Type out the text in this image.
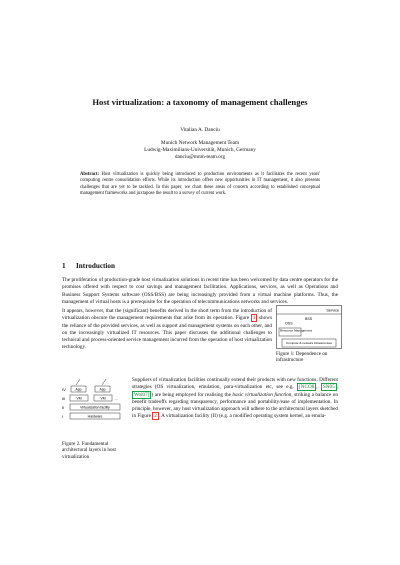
Host virtualization: a taxonomy of management challenges
Vitalian A. Danciu
Munich Network Management Team
Ludwig-Maximilians-Universität, Munich, Germany
danciu@mnm-team.org
Abstract: Host virtualization is quickly being introduced to production environments as it facilitates the recent years' computing centre consolidation efforts. While its introduction offers new opportunities in IT management, it also presents challenges that are yet to be tackled. In this paper, we chart these areas of concern according to established conceptual management frameworks and juxtapose the result to a survey of current work.
1 Introduction
The proliferation of production-grade host virtualization solutions in recent time has been welcomed by data centre operators for the promises offered with respect to cost savings and management facilitation. Applications, services, as well as Operations and Business Support Systems software (OSS/BSS) are being increasingly provided from a virtual machine platforms. Thus, the management of virtual hosts is a prerequisite for the operation of telecommunications networks and services.
It appears, however, that the (significant) benefits derived in the short term from the introduction of virtualization obscure the management requirements that arise from its operation. Figure 1 shows the reliance of the provided services, as well as support and management systems on each other, and on the increasingly virtualized IT resources. This paper discusses the additional challenges to technical and process-oriented service management incurred from the operation of host virtualization technology.
Service
BSS
OSS
Resource Management
Compute & network infrastructure
Figure 1: Dependence on infrastructure
IV
III
II
I
App	App
VM	VM	...
Virtualization facility
Hardware
Figure 2. Fundamental architectural layers in host virtualization
Suppliers of virtualization facilities continually extend their products with new functions. Different strategies (OS virtualization, emulation, para-virtualization etc, see e.g. [NCO8 , SN05 , Wol07] ) are being employed for realising the basic virtualization function, striking a balance on benefit tradeoffs regarding transparency, performance and portability/ease of implementation. In principle, however, any host virtualization approach will adhere to the architectural layers sketched in Figure 2 . A virtualization facility (II) (e.g. a modified operating system kernel, an emula-
